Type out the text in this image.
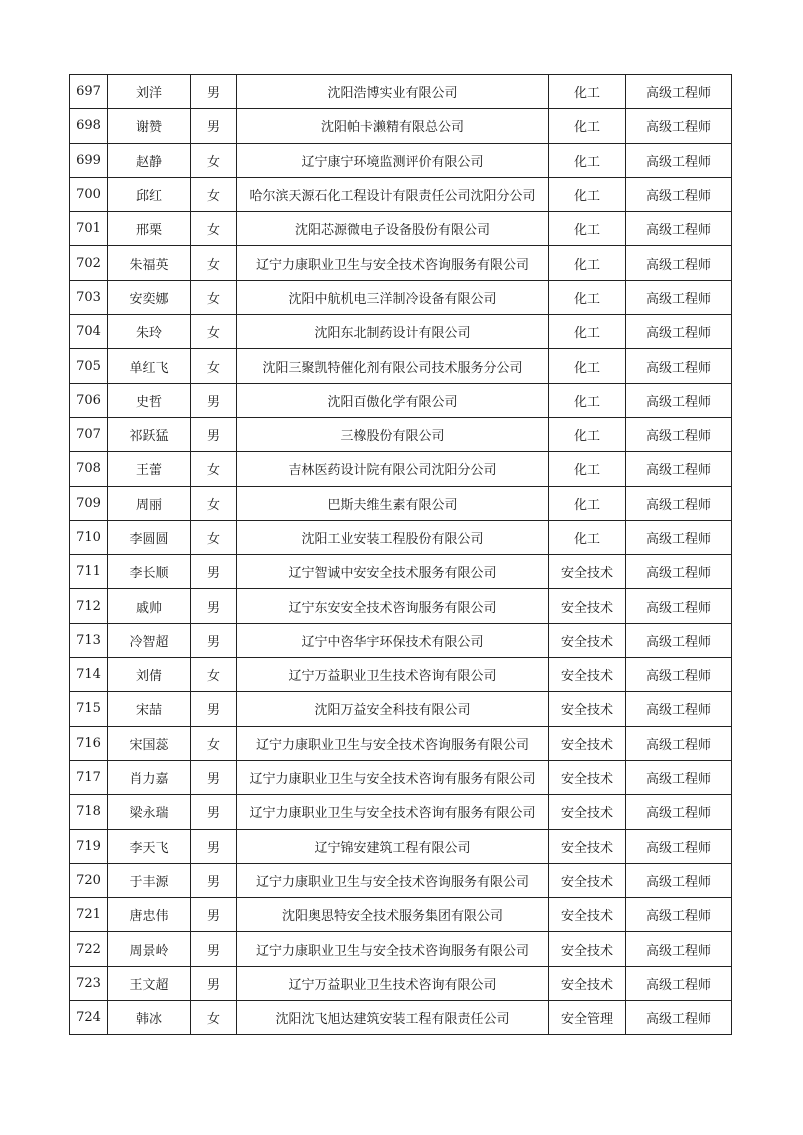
697	刘洋	男	沈阳浩博实业有限公司	化工	高级工程师
698	谢赞	男	沈阳帕卡濑精有限总公司	化工	高级工程师
699	赵静	女	辽宁康宁环境监测评价有限公司	化工	高级工程师
700	邱红	女	哈尔滨天源石化工程设计有限责任公司沈阳分公司	化工	高级工程师
701	邢栗	女	沈阳芯源微电子设备股份有限公司	化工	高级工程师
702	朱福英	女	辽宁力康职业卫生与安全技术咨询服务有限公司	化工	高级工程师
703	安奕娜	女	沈阳中航机电三洋制冷设备有限公司	化工	高级工程师
704	朱玲	女	沈阳东北制药设计有限公司	化工	高级工程师
705	单红飞	女	沈阳三聚凯特催化剂有限公司技术服务分公司	化工	高级工程师
706	史哲	男	沈阳百傲化学有限公司	化工	高级工程师
707	祁跃猛	男	三橡股份有限公司	化工	高级工程师
708	王蕾	女	吉林医药设计院有限公司沈阳分公司	化工	高级工程师
709	周丽	女	巴斯夫维生素有限公司	化工	高级工程师
710	李圆圆	女	沈阳工业安装工程股份有限公司	化工	高级工程师
711	李长顺	男	辽宁智诚中安安全技术服务有限公司	安全技术	高级工程师
712	戚帅	男	辽宁东安安全技术咨询服务有限公司	安全技术	高级工程师
713	冷智超	男	辽宁中咨华宇环保技术有限公司	安全技术	高级工程师
714	刘倩	女	辽宁万益职业卫生技术咨询有限公司	安全技术	高级工程师
715	宋喆	男	沈阳万益安全科技有限公司	安全技术	高级工程师
716	宋国蕊	女	辽宁力康职业卫生与安全技术咨询服务有限公司	安全技术	高级工程师
717	肖力嘉	男	辽宁力康职业卫生与安全技术咨询有服务有限公司	安全技术	高级工程师
718	梁永瑞	男	辽宁力康职业卫生与安全技术咨询有服务有限公司	安全技术	高级工程师
719	李天飞	男	辽宁锦安建筑工程有限公司	安全技术	高级工程师
720	于丰源	男	辽宁力康职业卫生与安全技术咨询服务有限公司	安全技术	高级工程师
721	唐忠伟	男	沈阳奥思特安全技术服务集团有限公司	安全技术	高级工程师
722	周景岭	男	辽宁力康职业卫生与安全技术咨询服务有限公司	安全技术	高级工程师
723	王文超	男	辽宁万益职业卫生技术咨询有限公司	安全技术	高级工程师
724	韩冰	女	沈阳沈飞旭达建筑安装工程有限责任公司	安全管理	高级工程师
